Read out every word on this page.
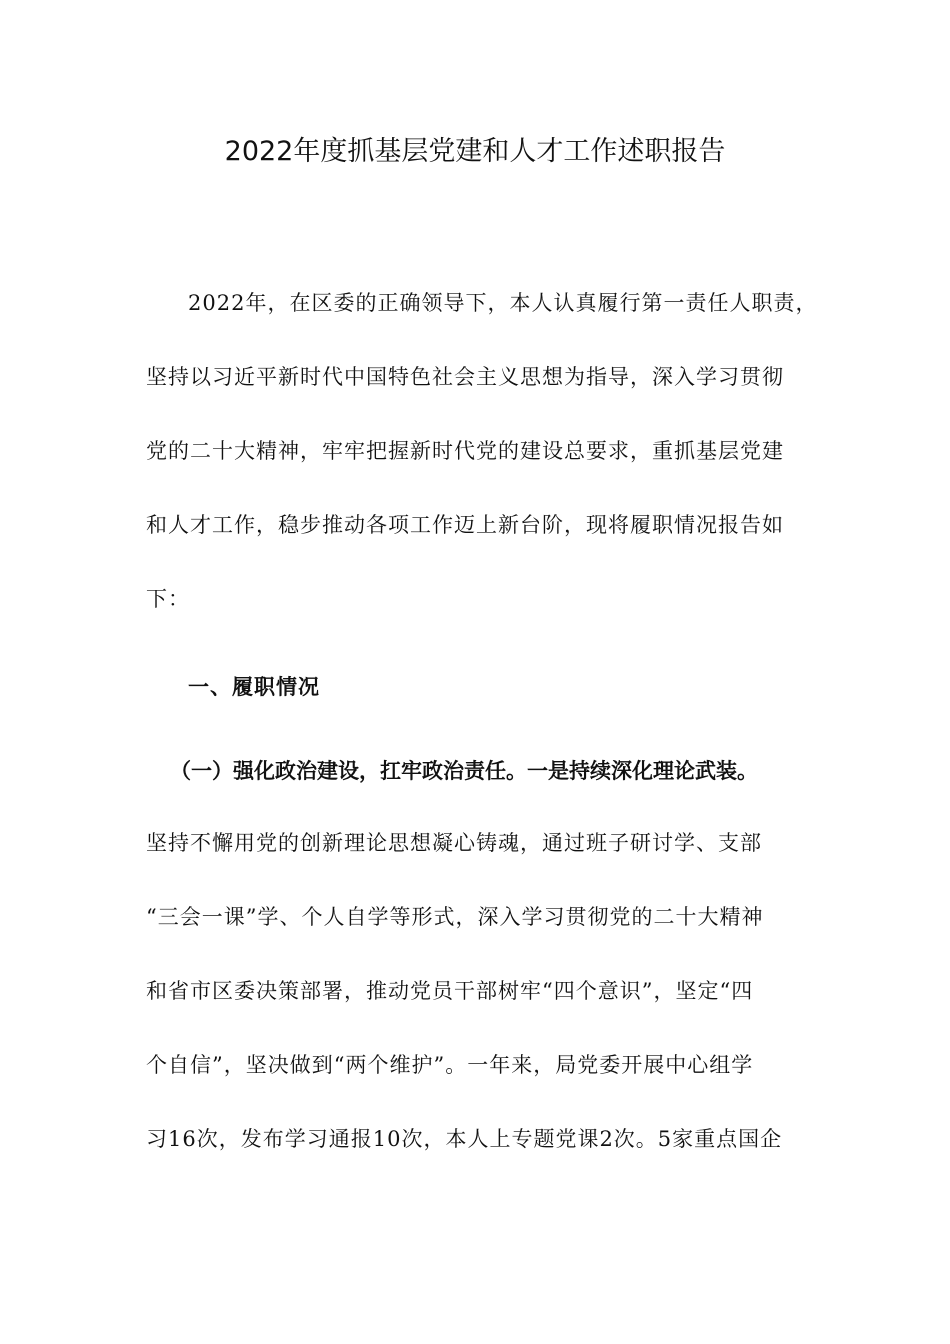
2022年度抓基层党建和人才工作述职报告
2022年，在区委的正确领导下，本人认真履行第一责任人职责，
坚持以习近平新时代中国特色社会主义思想为指导，深入学习贯彻
党的二十大精神，牢牢把握新时代党的建设总要求，重抓基层党建
和人才工作，稳步推动各项工作迈上新台阶，现将履职情况报告如
下：
一、履职情况
（一）强化政治建设，扛牢政治责任。一是持续深化理论武装。
坚持不懈用党的创新理论思想凝心铸魂，通过班子研讨学、支部
“三会一课”学、个人自学等形式，深入学习贯彻党的二十大精神
和省市区委决策部署，推动党员干部树牢“四个意识”，坚定“四
个自信”，坚决做到“两个维护”。一年来，局党委开展中心组学
习16次，发布学习通报10次，本人上专题党课2次。5家重点国企
